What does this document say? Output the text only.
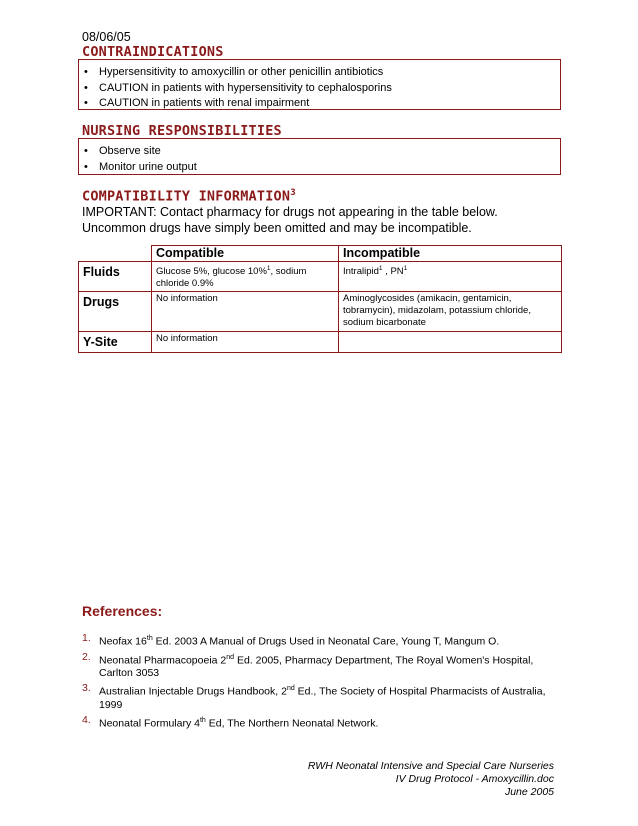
08/06/05
CONTRAINDICATIONS
• Hypersensitivity to amoxycillin or other penicillin antibiotics
• CAUTION in patients with hypersensitivity to cephalosporins
• CAUTION in patients with renal impairment
NURSING RESPONSIBILITIES
• Observe site
• Monitor urine output
COMPATIBILITY INFORMATION$^3$
IMPORTANT: Contact pharmacy for drugs not appearing in the table below. Uncommon drugs have simply been omitted and may be incompatible.
	Compatible	Incompatible
Fluids	Glucose 5%, glucose 10%$^1$, sodium chloride 0.9%	Intralipid$^1$ , $PN^1$
Drugs	No information	Aminoglycosides (amikacin, gentamicin, tobramycin), midazolam, potassium chloride, sodium bicarbonate
Y-Site	No information	
References:
1. Neofax 16th Ed. 2003 A Manual of Drugs Used in Neonatal Care, Young T, Mangum O.
2. Neonatal Pharmacopoeia 2nd Ed. 2005, Pharmacy Department, The Royal Women's Hospital, Carlton 3053
3. Australian Injectable Drugs Handbook, 2nd Ed., The Society of Hospital Pharmacists of Australia, 1999
4. Neonatal Formulary 4th Ed, The Northern Neonatal Network.
RWH Neonatal Intensive and Special Care Nurseries
IV Drug Protocol - Amoxycillin.doc
June 2005
